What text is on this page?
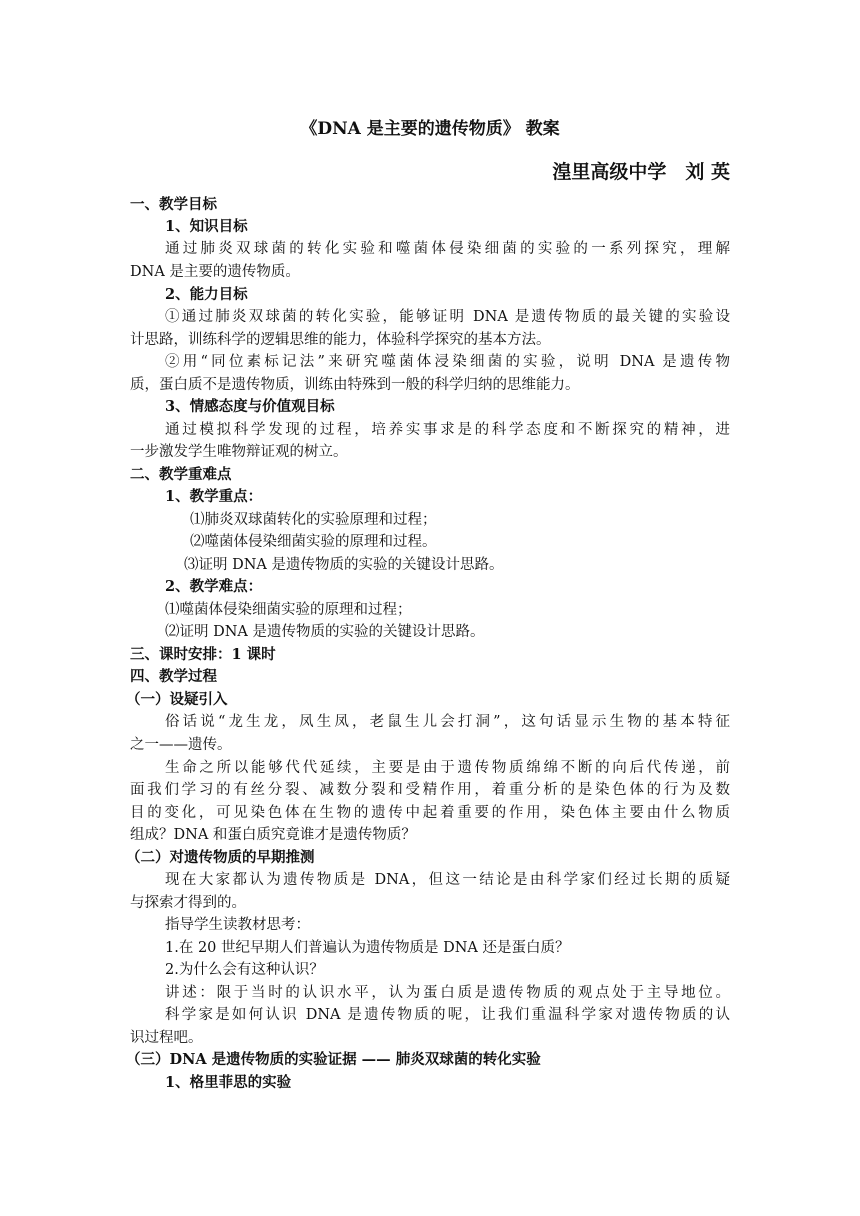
《DNA 是主要的遗传物质》 教案
湟里高级中学　刘 英
一、教学目标
1、知识目标
通过肺炎双球菌的转化实验和噬菌体侵染细菌的实验的一系列探究，理解
DNA 是主要的遗传物质。
2、能力目标
①通过肺炎双球菌的转化实验，能够证明 DNA 是遗传物质的最关键的实验设
计思路，训练科学的逻辑思维的能力，体验科学探究的基本方法。
②用“同位素标记法”来研究噬菌体浸染细菌的实验，说明 DNA 是遗传物
质，蛋白质不是遗传物质，训练由特殊到一般的科学归纳的思维能力。
3、情感态度与价值观目标
通过模拟科学发现的过程，培养实事求是的科学态度和不断探究的精神，进
一步激发学生唯物辩证观的树立。
二、教学重难点
1、教学重点：
⑴肺炎双球菌转化的实验原理和过程；
⑵噬菌体侵染细菌实验的原理和过程。
⑶证明 DNA 是遗传物质的实验的关键设计思路。
2、教学难点：
⑴噬菌体侵染细菌实验的原理和过程；
⑵证明 DNA 是遗传物质的实验的关键设计思路。
三、课时安排：1 课时
四、教学过程
（一）设疑引入
俗话说“龙生龙，凤生凤，老鼠生儿会打洞”，这句话显示生物的基本特征
之一——遗传。
生命之所以能够代代延续，主要是由于遗传物质绵绵不断的向后代传递，前
面我们学习的有丝分裂、减数分裂和受精作用，着重分析的是染色体的行为及数
目的变化，可见染色体在生物的遗传中起着重要的作用，染色体主要由什么物质
组成？DNA 和蛋白质究竟谁才是遗传物质？
（二）对遗传物质的早期推测
现在大家都认为遗传物质是 DNA，但这一结论是由科学家们经过长期的质疑
与探索才得到的。
指导学生读教材思考：
1.在 20 世纪早期人们普遍认为遗传物质是 DNA 还是蛋白质？
2.为什么会有这种认识？
讲述：限于当时的认识水平，认为蛋白质是遗传物质的观点处于主导地位。
科学家是如何认识 DNA 是遗传物质的呢，让我们重温科学家对遗传物质的认
识过程吧。
（三）DNA 是遗传物质的实验证据 —— 肺炎双球菌的转化实验
1、格里菲思的实验
